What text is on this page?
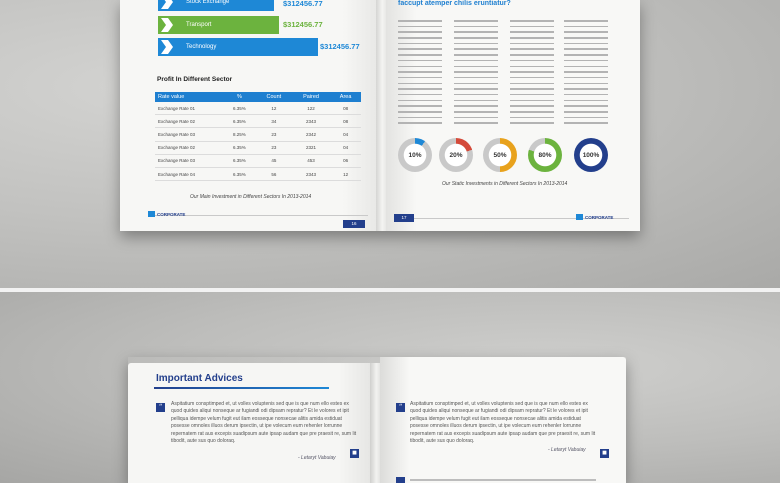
Stock Exchange	$312456.77
Transport	$312456.77
Technology	$312456.77
Profit In Different Sector
Rate value	%	Count	Paired	Area
Exchange Rate 01	6.35%	12	122	08
Exchange Rate 02	6.35%	34	2343	08
Exchange Rate 03	8.25%	23	2342	04
Exchange Rate 02	6.35%	23	2321	04
Exchange Rate 03	6.35%	45	453	06
Exchange Rate 04	6.35%	56	2343	12
Our Main Investment in Different Sectors In 2013-2014
CORPORATE
16
faccupt atemper chilis eruntiatur?
10%	20%	50%	80%	100%
Our Static Investments in Different Sectors In 2013-2014
17	CORPORATE
Important Advices
“	Aspitatium consptimped et, ut volles voluptenis sed que is que num ello estes ex quod quides aliqui nonseque ar fugiandi odi dipsam repratur? Et le volores et ipit pelliqua idempe velum fugit eut ilam eosseque nonsecae alitis amida estiduat posesse omnoles illuos derum ipsectin, ut ipe volecum eum rehenler lorrunne repernatem rat aus excepis suadipsum aute ipsap audam que pre praesit re, sum lit tibodit, aute sus quo doloraq.
- Letaryt Vabuiay
■
“	Aspitatium consptimped et, ut volles voluptenis sed que is que num ello estes ex quod quides aliqui nonseque ar fugiandi odi dipsam repratur? Et le volores et ipit pelliqua idempe velum fugit eut ilam eosseque nonsecae alitis amida estiduat posesse omnoles illuos derum ipsectin, ut ipe volecum eum rehenler lorrunne repernatem rat aus excepis suadipsum aute ipsap audam que pre praesit re, sum lit tibodit, aute sus quo doloraq.
- Letaryt Vabuiay	■
